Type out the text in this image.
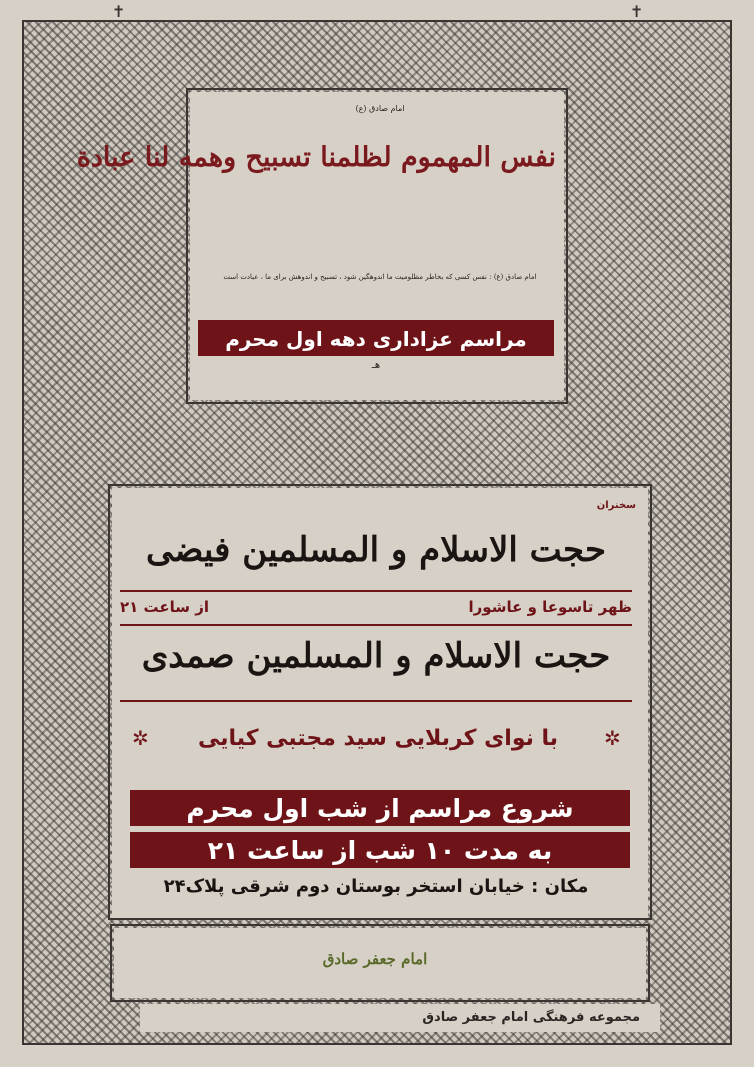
✝	✝
امام صادق (ع)
نفس المهموم لظلمنا تسبیح وهمه لنا عبادة
امام صادق (ع) : نفس کسی که بخاطر مظلومیت ما اندوهگین شود ، تسبیح و اندوهش برای ما ، عبادت است
مراسم عزاداری دهه اول محرم
هـ
سخنران
حجت الاسلام و المسلمین فیضی
ظهر تاسوعا و عاشورا
از ساعت ۲۱
حجت الاسلام و المسلمین صمدی
✲
با نوای کربلایی سید مجتبی کیایی
✲
شروع مراسم از شب اول محرم
به مدت ۱۰ شب از ساعت ۲۱
مکان : خیابان استخر بوستان دوم شرقی پلاک۲۴
امام جعفر صادق
مجموعه فرهنگی امام جعفر صادق
